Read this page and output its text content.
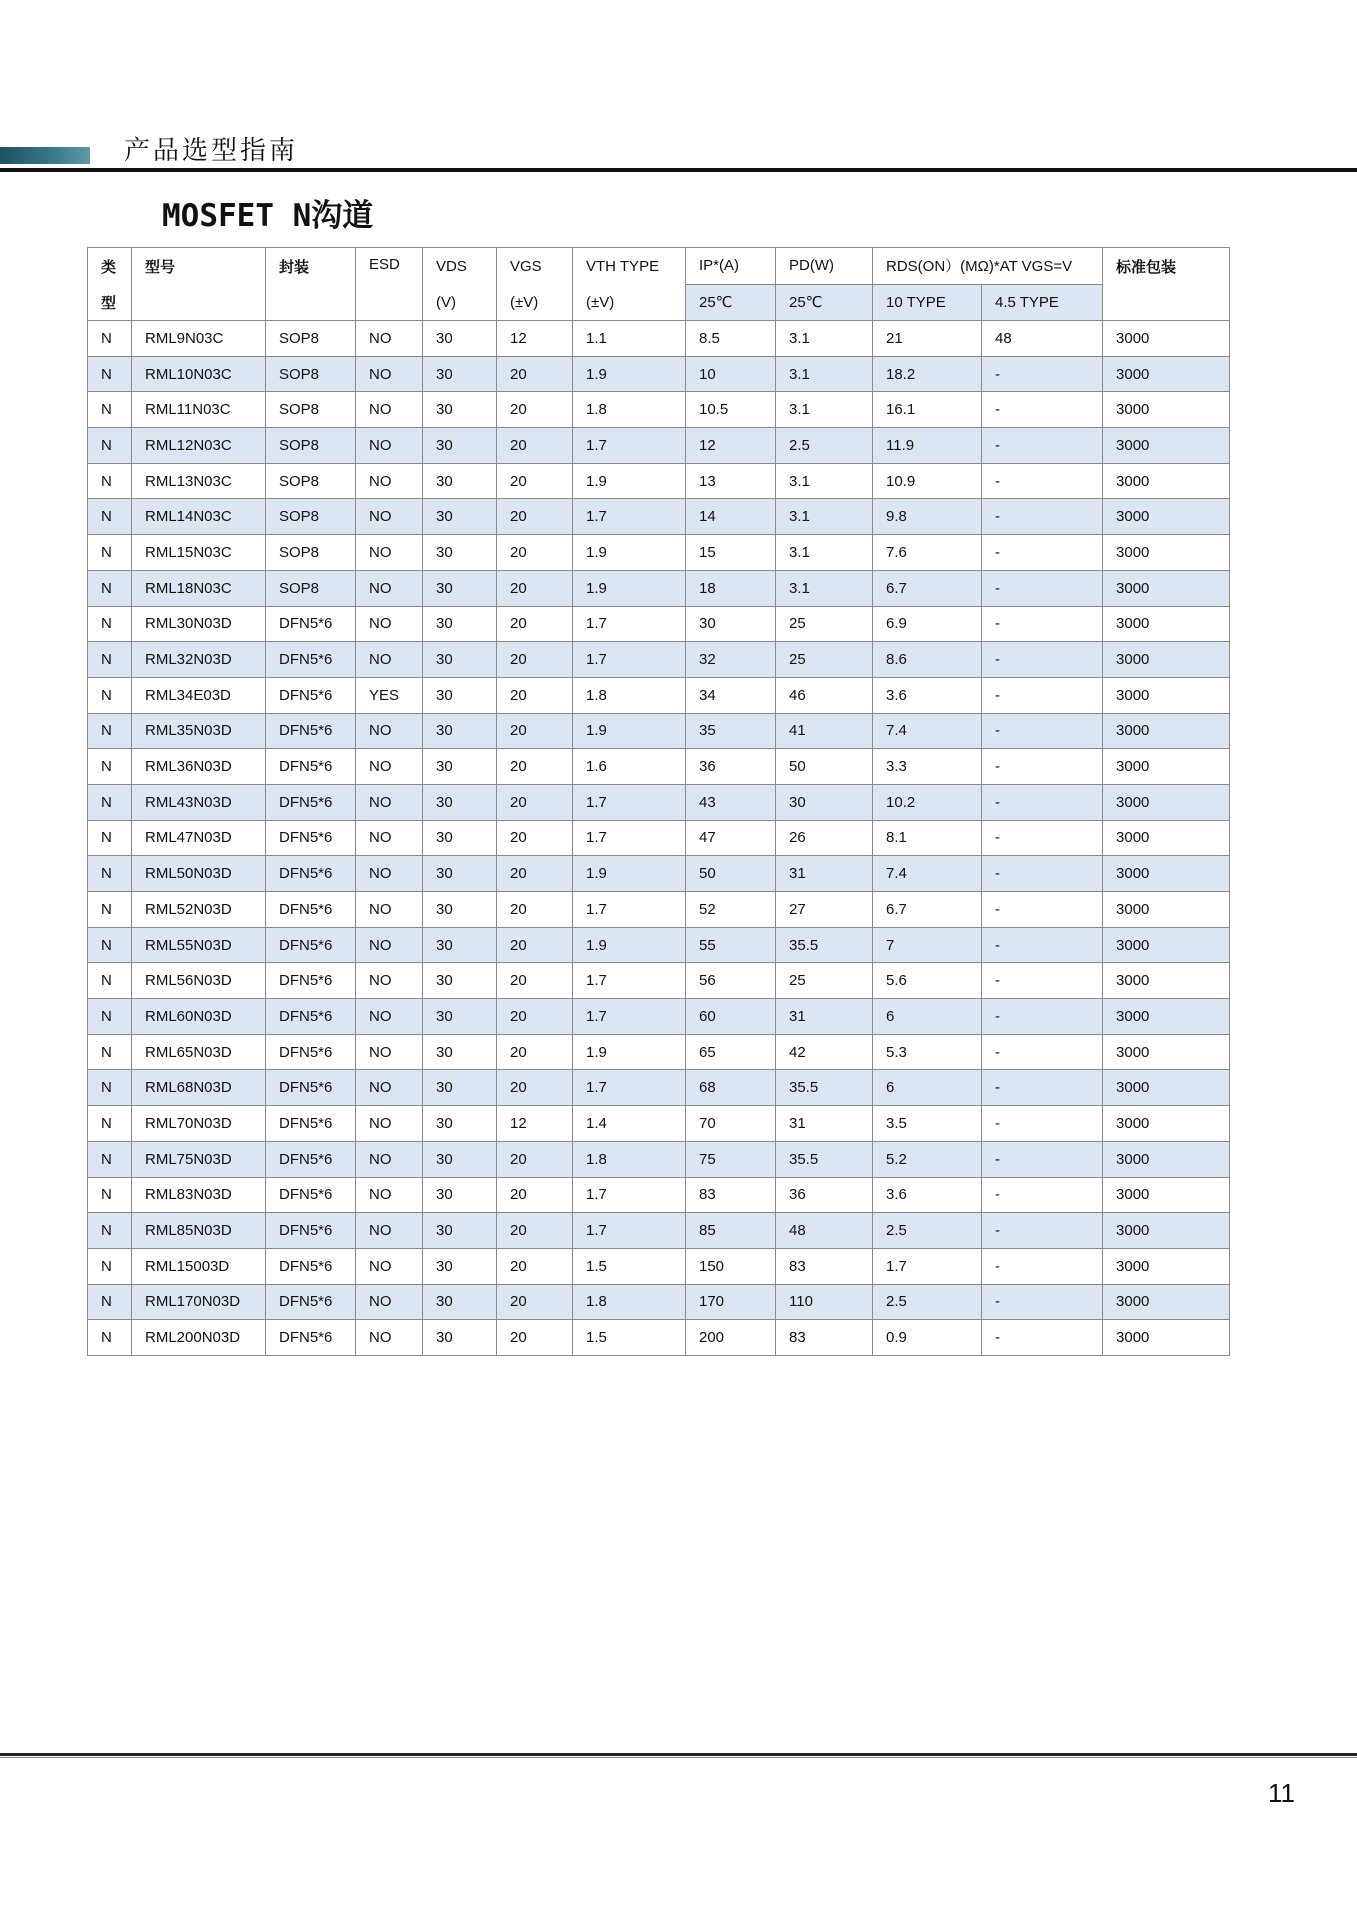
产品选型指南
MOSFET N沟道
类	型号	封装	ESD	VDS	VGS	VTH TYPE	IP*(A)	PD(W)	RDS(ON）(MΩ)*AT VGS=V		标准包装
型				(V)	(±V)	(±V)	25℃	25℃	10 TYPE	4.5 TYPE	
N	RML9N03C	SOP8	NO	30	12	1.1	8.5	3.1	21	48	3000
N	RML10N03C	SOP8	NO	30	20	1.9	10	3.1	18.2	-	3000
N	RML11N03C	SOP8	NO	30	20	1.8	10.5	3.1	16.1	-	3000
N	RML12N03C	SOP8	NO	30	20	1.7	12	2.5	11.9	-	3000
N	RML13N03C	SOP8	NO	30	20	1.9	13	3.1	10.9	-	3000
N	RML14N03C	SOP8	NO	30	20	1.7	14	3.1	9.8	-	3000
N	RML15N03C	SOP8	NO	30	20	1.9	15	3.1	7.6	-	3000
N	RML18N03C	SOP8	NO	30	20	1.9	18	3.1	6.7	-	3000
N	RML30N03D	DFN5*6	NO	30	20	1.7	30	25	6.9	-	3000
N	RML32N03D	DFN5*6	NO	30	20	1.7	32	25	8.6	-	3000
N	RML34E03D	DFN5*6	YES	30	20	1.8	34	46	3.6	-	3000
N	RML35N03D	DFN5*6	NO	30	20	1.9	35	41	7.4	-	3000
N	RML36N03D	DFN5*6	NO	30	20	1.6	36	50	3.3	-	3000
N	RML43N03D	DFN5*6	NO	30	20	1.7	43	30	10.2	-	3000
N	RML47N03D	DFN5*6	NO	30	20	1.7	47	26	8.1	-	3000
N	RML50N03D	DFN5*6	NO	30	20	1.9	50	31	7.4	-	3000
N	RML52N03D	DFN5*6	NO	30	20	1.7	52	27	6.7	-	3000
N	RML55N03D	DFN5*6	NO	30	20	1.9	55	35.5	7	-	3000
N	RML56N03D	DFN5*6	NO	30	20	1.7	56	25	5.6	-	3000
N	RML60N03D	DFN5*6	NO	30	20	1.7	60	31	6	-	3000
N	RML65N03D	DFN5*6	NO	30	20	1.9	65	42	5.3	-	3000
N	RML68N03D	DFN5*6	NO	30	20	1.7	68	35.5	6	-	3000
N	RML70N03D	DFN5*6	NO	30	12	1.4	70	31	3.5	-	3000
N	RML75N03D	DFN5*6	NO	30	20	1.8	75	35.5	5.2	-	3000
N	RML83N03D	DFN5*6	NO	30	20	1.7	83	36	3.6	-	3000
N	RML85N03D	DFN5*6	NO	30	20	1.7	85	48	2.5	-	3000
N	RML15003D	DFN5*6	NO	30	20	1.5	150	83	1.7	-	3000
N	RML170N03D	DFN5*6	NO	30	20	1.8	170	110	2.5	-	3000
N	RML200N03D	DFN5*6	NO	30	20	1.5	200	83	0.9	-	3000
11
